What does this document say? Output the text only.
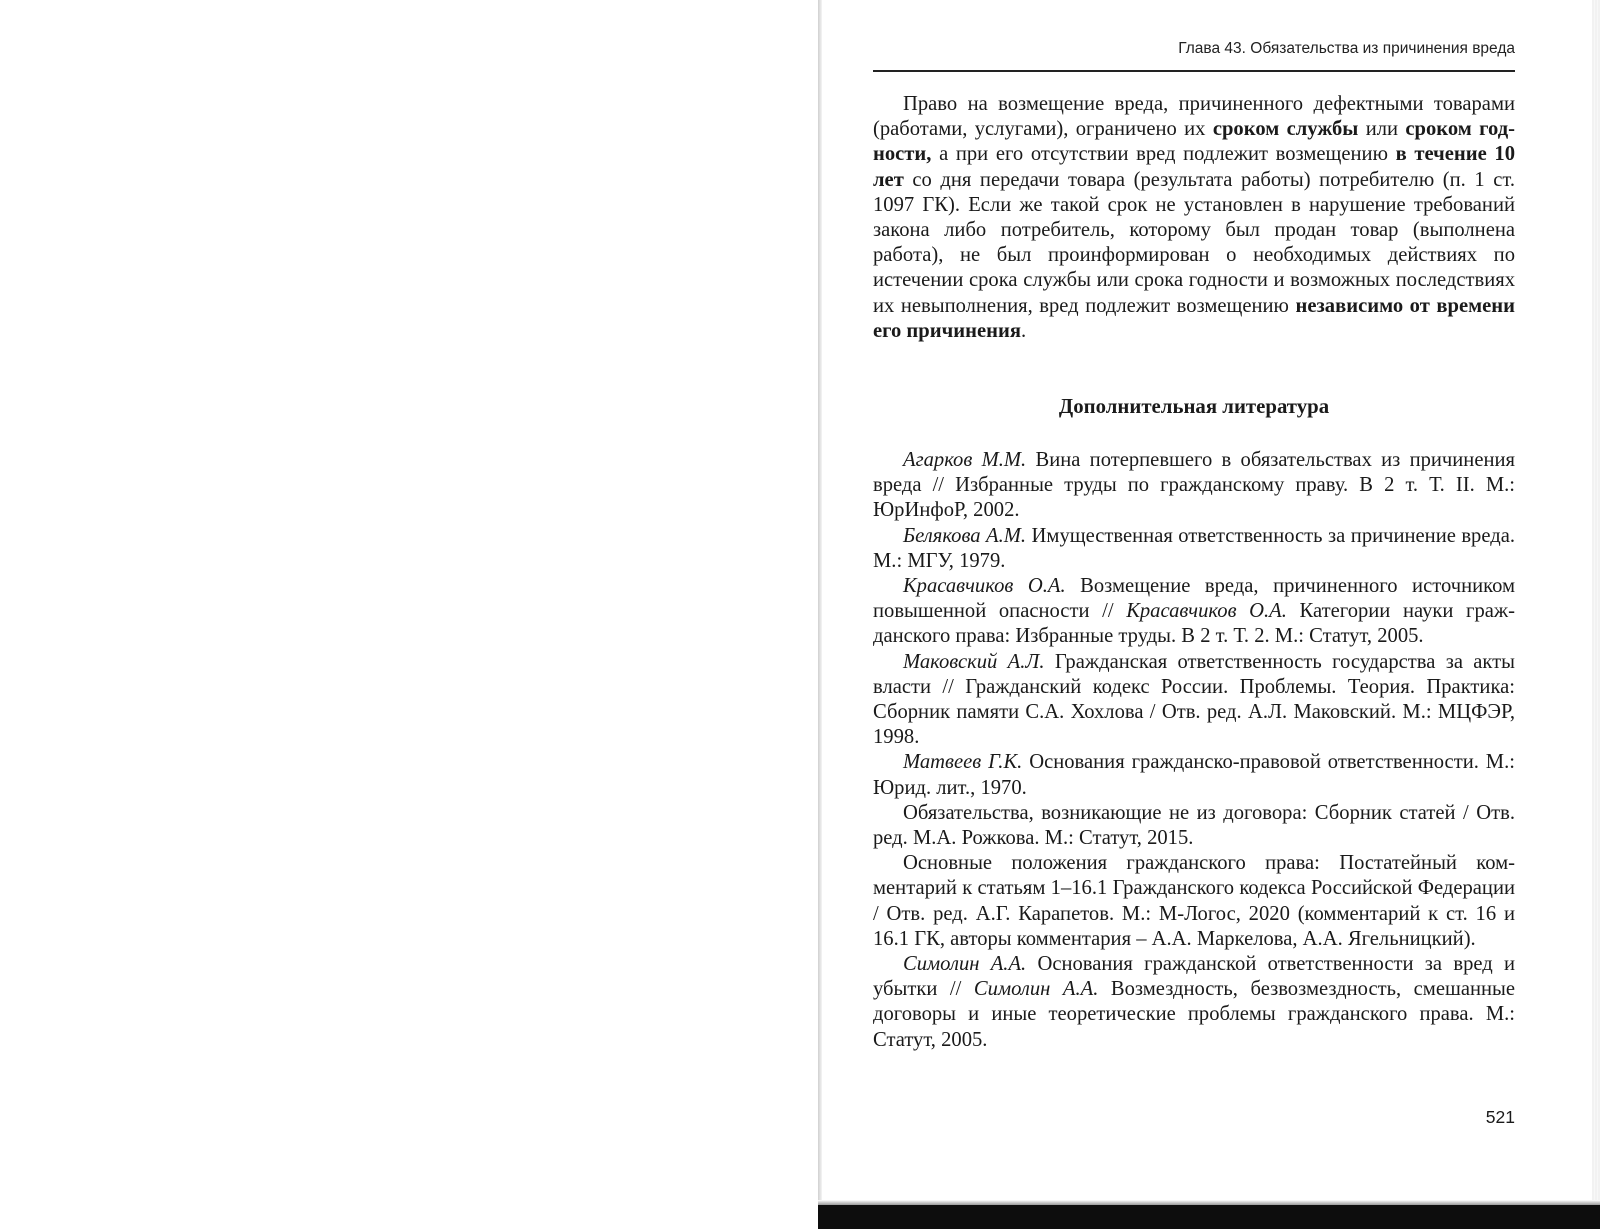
Глава 43. Обязательства из причинения вреда

Право на возмещение вреда, причиненного дефектными товарами (работами, услугами), ограничено их сроком службы или сроком годности, а при его отсутствии вред подлежит возмещению в течение 10 лет со дня передачи товара (результата работы) потребителю (п. 1 ст. 1097 ГК). Если же такой срок не установлен в нарушение требований закона либо потребитель, которому был продан товар (выполнена работа), не был проинформирован о необходимых действиях по истечении срока службы или срока годности и возможных последствиях их невыполнения, вред подлежит возмещению независимо от времени его причинения.

Дополнительная литература

Агарков М.М. Вина потерпевшего в обязательствах из причинения вреда // Избранные труды по гражданскому праву. В 2 т. Т. II. М.: ЮрИнфоР, 2002.

Белякова А.М. Имущественная ответственность за причинение вреда. М.: МГУ, 1979.

Красавчиков О.А. Возмещение вреда, причиненного источником повышенной опасности // Красавчиков О.А. Категории науки гражданского права: Избранные труды. В 2 т. Т. 2. М.: Статут, 2005.

Маковский А.Л. Гражданская ответственность государства за акты власти // Гражданский кодекс России. Проблемы. Теория. Практика: Сборник памяти С.А. Хохлова / Отв. ред. А.Л. Маковский. М.: МЦФЭР, 1998.

Матвеев Г.К. Основания гражданско-правовой ответственности. М.: Юрид. лит., 1970.

Обязательства, возникающие не из договора: Сборник статей / Отв. ред. М.А. Рожкова. М.: Статут, 2015.

Основные положения гражданского права: Постатейный комментарий к статьям 1–16.1 Гражданского кодекса Российской Федерации / Отв. ред. А.Г. Карапетов. М.: М-Логос, 2020 (комментарий к ст. 16 и 16.1 ГК, авторы комментария – А.А. Маркелова, А.А. Ягельницкий).

Симолин А.А. Основания гражданской ответственности за вред и убытки // Симолин А.А. Возмездность, безвозмездность, смешанные договоры и иные теоретические проблемы гражданского права. М.: Статут, 2005.

521
